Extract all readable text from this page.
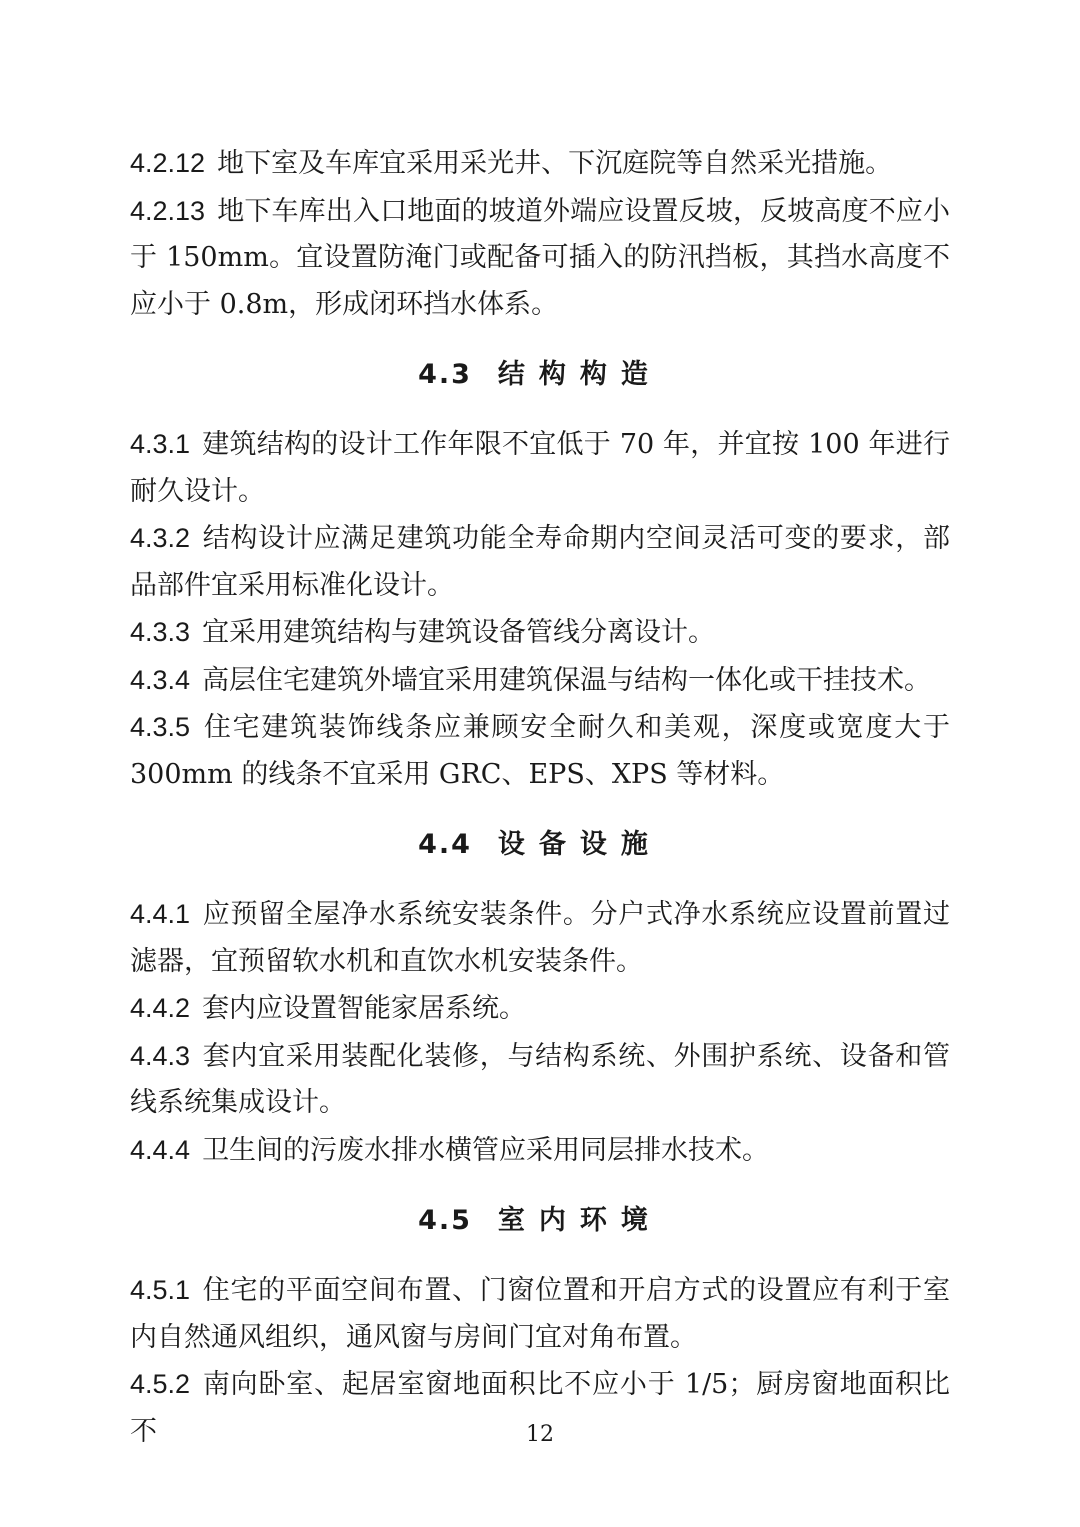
4.2.12 地下室及车库宜采用采光井、下沉庭院等自然采光措施。

4.2.13 地下车库出入口地面的坡道外端应设置反坡，反坡高度不应小于 150mm。宜设置防淹门或配备可插入的防汛挡板，其挡水高度不应小于 0.8m，形成闭环挡水体系。

4.3 结构构造

4.3.1 建筑结构的设计工作年限不宜低于 70 年，并宜按 100 年进行耐久设计。

4.3.2 结构设计应满足建筑功能全寿命期内空间灵活可变的要求，部品部件宜采用标准化设计。

4.3.3 宜采用建筑结构与建筑设备管线分离设计。

4.3.4 高层住宅建筑外墙宜采用建筑保温与结构一体化或干挂技术。

4.3.5 住宅建筑装饰线条应兼顾安全耐久和美观，深度或宽度大于 300mm 的线条不宜采用 GRC、EPS、XPS 等材料。

4.4 设备设施

4.4.1 应预留全屋净水系统安装条件。分户式净水系统应设置前置过滤器，宜预留软水机和直饮水机安装条件。

4.4.2 套内应设置智能家居系统。

4.4.3 套内宜采用装配化装修，与结构系统、外围护系统、设备和管线系统集成设计。

4.4.4 卫生间的污废水排水横管应采用同层排水技术。

4.5 室内环境

4.5.1 住宅的平面空间布置、门窗位置和开启方式的设置应有利于室内自然通风组织，通风窗与房间门宜对角布置。

4.5.2 南向卧室、起居室窗地面积比不应小于 1/5；厨房窗地面积比不	12
